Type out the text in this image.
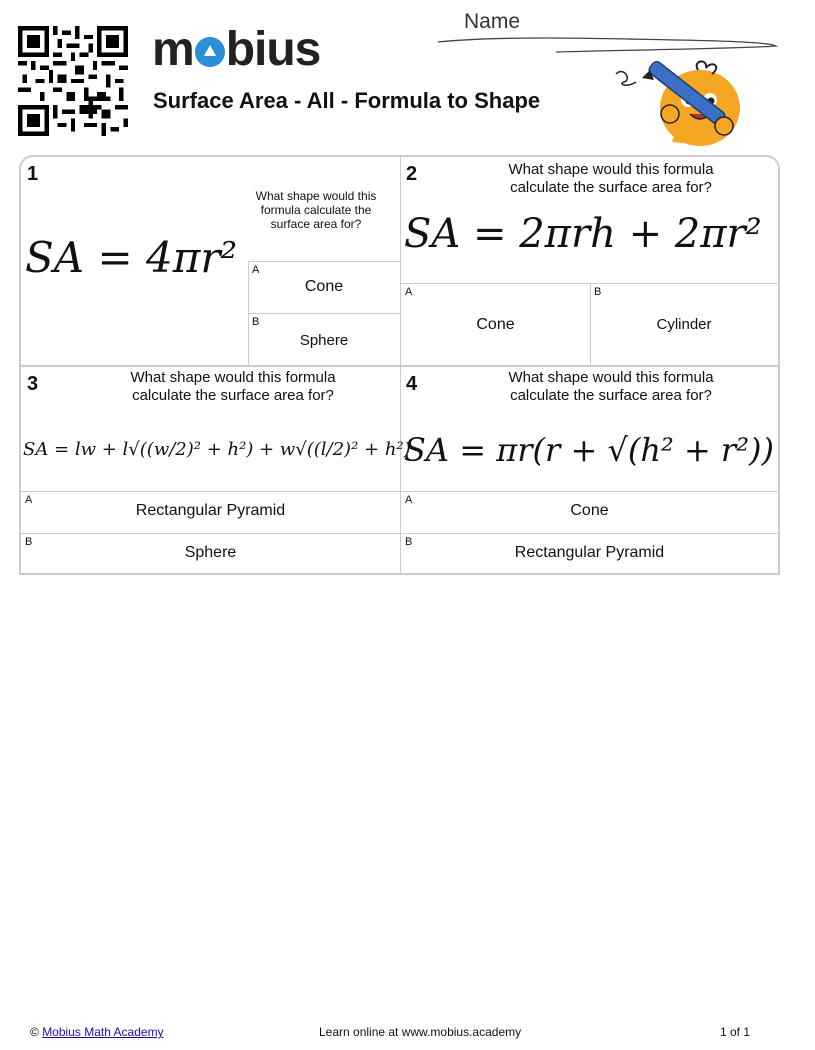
m bius
Surface Area - All - Formula to Shape
Name
1
What shape would this formula calculate the surface area for?
SA = 4πr² A
Cone
B
Sphere
2	What shape would this formula calculate the surface area for?
SA = 2πrh + 2πr²
A
Cone
B
Cylinder
3	What shape would this formula calculate the surface area for?
SA = lw + l√((w/2)² + h²) + w√((l/2)² + h²)
A
Rectangular Pyramid
B
Sphere
4	What shape would this formula calculate the surface area for?
SA = πr(r + √(h² + r²))
A
Cone
B
Rectangular Pyramid
© Mobius Math Academy	Learn online at www.mobius.academy	1 of 1
